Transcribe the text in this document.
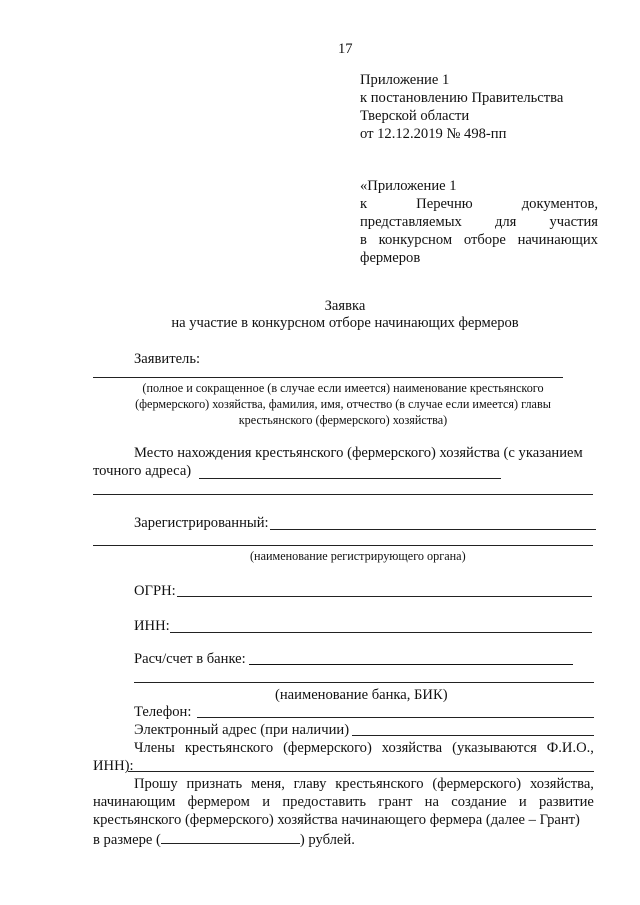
17
Приложение 1
к постановлению Правительства
Тверской области
от 12.12.2019 № 498-пп
«Приложение 1
к	Перечню	документов,
представляемых для участия
в конкурсном отборе начинающих
фермеров
Заявка
на участие в конкурсном отборе начинающих фермеров
Заявитель:
(полное и сокращенное (в случае если имеется) наименование крестьянского
(фермерского) хозяйства, фамилия, имя, отчество (в случае если имеется) главы
крестьянского (фермерского) хозяйства)
Место нахождения крестьянского (фермерского) хозяйства (с указанием
точного адреса)
Зарегистрированный:
(наименование регистрирующего органа)
ОГРН:
ИНН:
Расч/счет в банке:
(наименование банка, БИК)
Телефон:
Электронный адрес (при наличии)
Члены крестьянского (фермерского) хозяйства (указываются Ф.И.О.,
ИНН):
Прошу признать меня, главу крестьянского (фермерского) хозяйства,
начинающим фермером и предоставить грант на создание и развитие
крестьянского (фермерского) хозяйства начинающего фермера (далее – Грант)
в размере (	) рублей.
